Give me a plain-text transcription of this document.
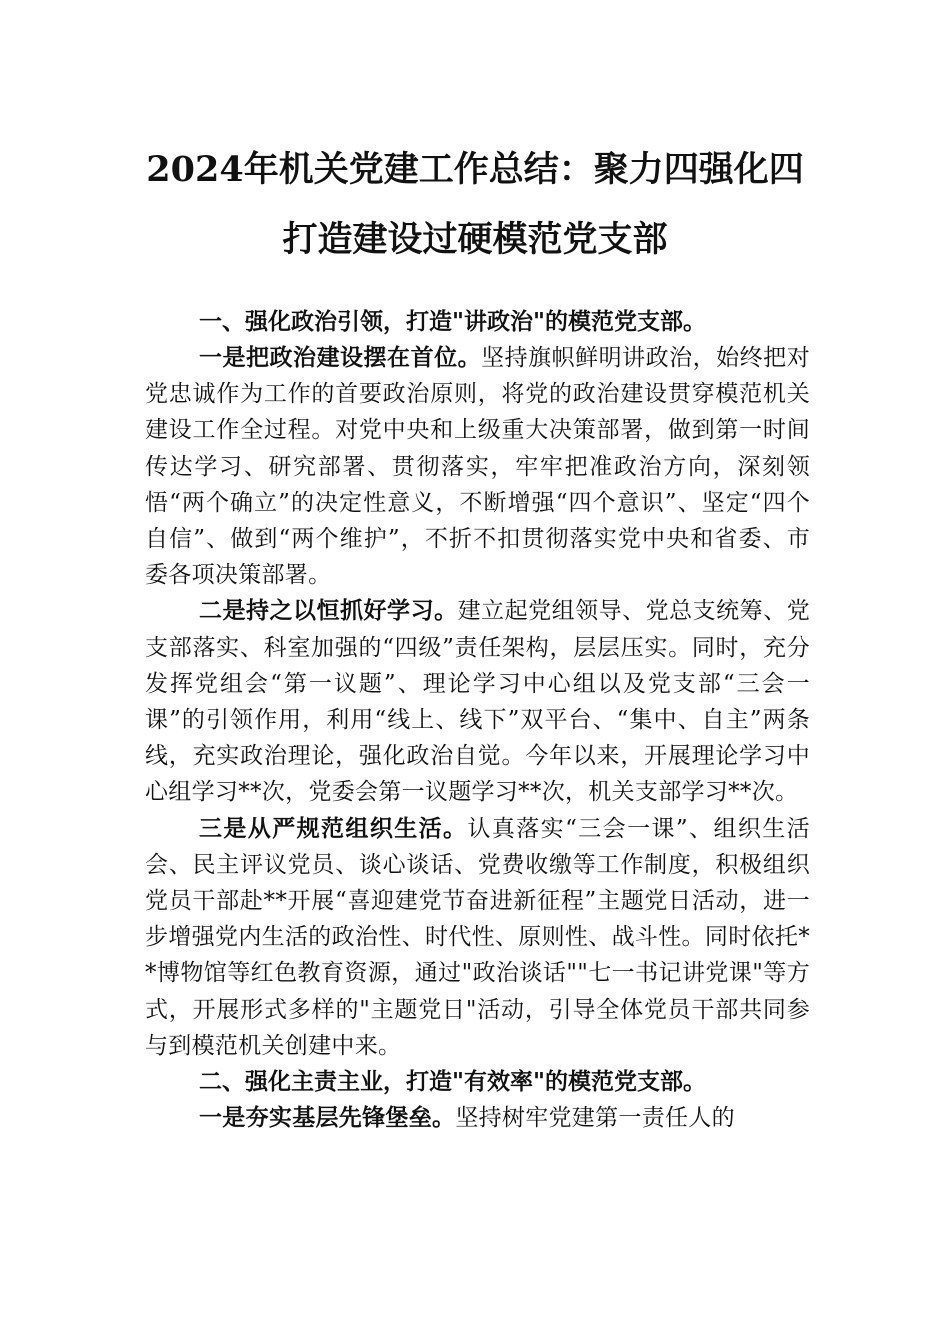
2024年机关党建工作总结：聚力四强化四
打造建设过硬模范党支部

一、强化政治引领，打造"讲政治"的模范党支部。

一是把政治建设摆在首位。坚持旗帜鲜明讲政治，始终把对党忠诚作为工作的首要政治原则，将党的政治建设贯穿模范机关建设工作全过程。对党中央和上级重大决策部署，做到第一时间传达学习、研究部署、贯彻落实，牢牢把准政治方向，深刻领悟“两个确立”的决定性意义，不断增强“四个意识”、坚定“四个自信”、做到“两个维护”，不折不扣贯彻落实党中央和省委、市委各项决策部署。

二是持之以恒抓好学习。建立起党组领导、党总支统筹、党支部落实、科室加强的“四级”责任架构，层层压实。同时，充分发挥党组会“第一议题”、理论学习中心组以及党支部“三会一课”的引领作用，利用“线上、线下”双平台、“集中、自主”两条线，充实政治理论，强化政治自觉。今年以来，开展理论学习中心组学习**次，党委会第一议题学习**次，机关支部学习**次。

三是从严规范组织生活。认真落实“三会一课”、组织生活会、民主评议党员、谈心谈话、党费收缴等工作制度，积极组织党员干部赴**开展“喜迎建党节奋进新征程”主题党日活动，进一步增强党内生活的政治性、时代性、原则性、战斗性。同时依托**博物馆等红色教育资源，通过"政治谈话""七一书记讲党课"等方式，开展形式多样的"主题党日"活动，引导全体党员干部共同参与到模范机关创建中来。

二、强化主责主业，打造"有效率"的模范党支部。

一是夯实基层先锋堡垒。坚持树牢党建第一责任人的
